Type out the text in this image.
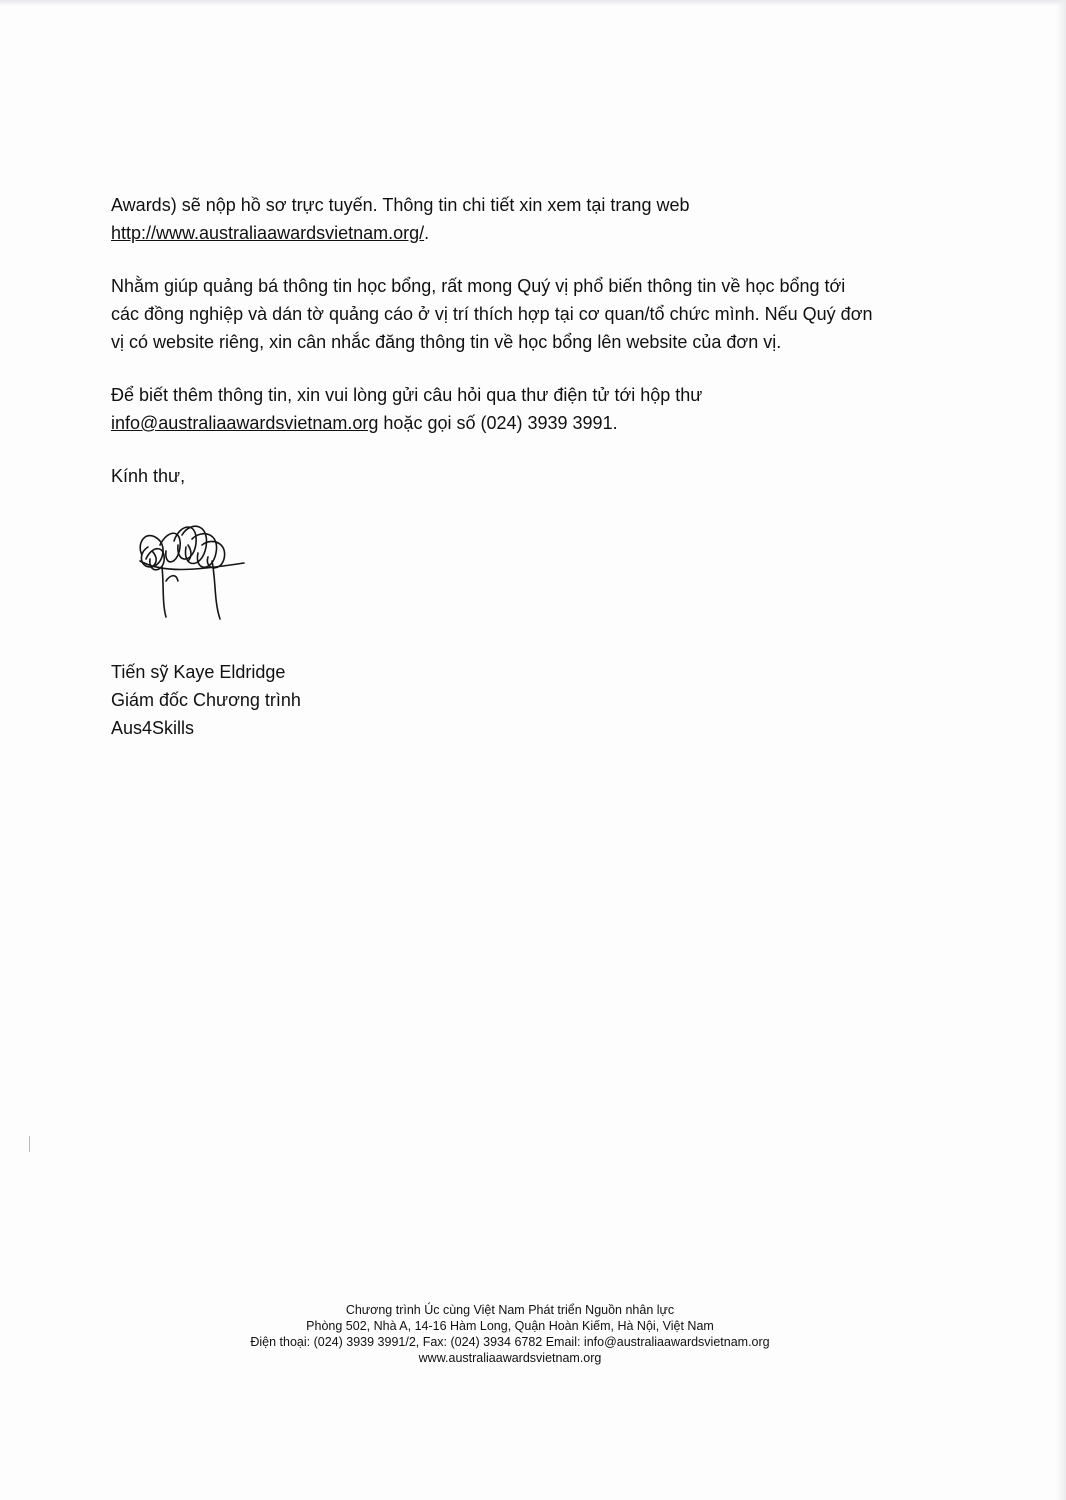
Awards) sẽ nộp hồ sơ trực tuyến. Thông tin chi tiết xin xem tại trang web
http://www.australiaawardsvietnam.org/.

Nhằm giúp quảng bá thông tin học bổng, rất mong Quý vị phổ biến thông tin về học bổng tới
các đồng nghiệp và dán tờ quảng cáo ở vị trí thích hợp tại cơ quan/tổ chức mình. Nếu Quý đơn
vị có website riêng, xin cân nhắc đăng thông tin về học bổng lên website của đơn vị.

Để biết thêm thông tin, xin vui lòng gửi câu hỏi qua thư điện tử tới hộp thư
info@australiaawardsvietnam.org hoặc gọi số (024) 3939 3991.

Kính thư,

Tiến sỹ Kaye Eldridge
Giám đốc Chương trình
Aus4Skills

Chương trình Úc cùng Việt Nam Phát triển Nguồn nhân lực
Phòng 502, Nhà A, 14-16 Hàm Long, Quận Hoàn Kiếm, Hà Nội, Việt Nam
Điện thoại: (024) 3939 3991/2, Fax: (024) 3934 6782 Email: info@australiaawardsvietnam.org
www.australiaawardsvietnam.org
